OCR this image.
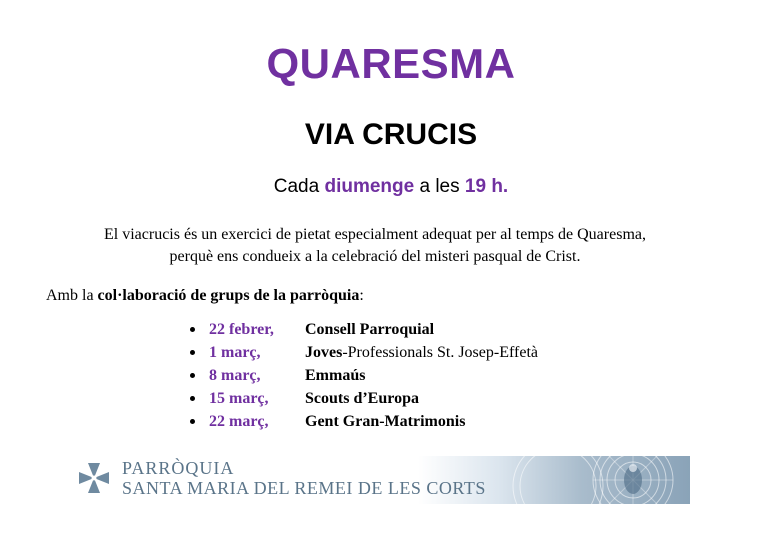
QUARESMA
VIA CRUCIS
Cada diumenge a les 19 h.
El viacrucis és un exercici de pietat especialment adequat per al temps de Quaresma,
perquè ens condueix a la celebració del misteri pasqual de Crist.
Amb la col·laboració de grups de la parròquia:
22 febrer, Consell Parroquial
1 març,	Joves-Professionals St. Josep-Effetà
8 març,	Emmaús
15 març, Scouts d’Europa
22 març, Gent Gran-Matrimonis
PARRÒQUIA
SANTA MARIA DEL REMEI DE LES CORTS
